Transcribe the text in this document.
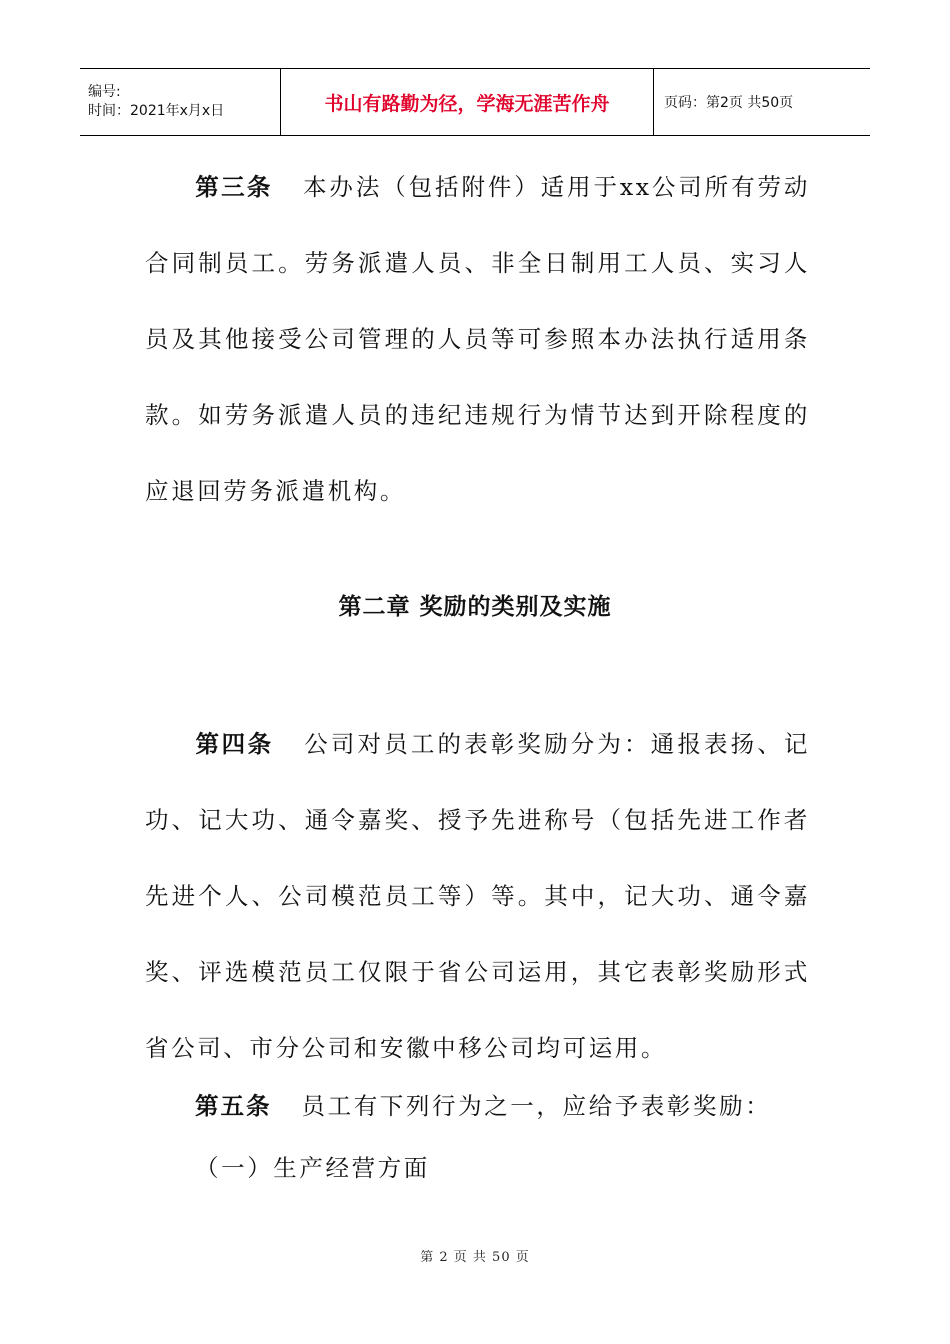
编号:
时间：2021年x月x日	书山有路勤为径，学海无涯苦作舟	页码：第2页 共50页

第三条 本办法（包括附件）适用于xx公司所有劳动合同制员工。劳务派遣人员、非全日制用工人员、实习人员及其他接受公司管理的人员等可参照本办法执行适用条款。如劳务派遣人员的违纪违规行为情节达到开除程度的应退回劳务派遣机构。

第二章 奖励的类别及实施

第四条 公司对员工的表彰奖励分为：通报表扬、记功、记大功、通令嘉奖、授予先进称号（包括先进工作者先进个人、公司模范员工等）等。其中，记大功、通令嘉奖、评选模范员工仅限于省公司运用，其它表彰奖励形式省公司、市分公司和安徽中移公司均可运用。

第五条 员工有下列行为之一，应给予表彰奖励：

（一）生产经营方面

第 2 页 共 50 页
